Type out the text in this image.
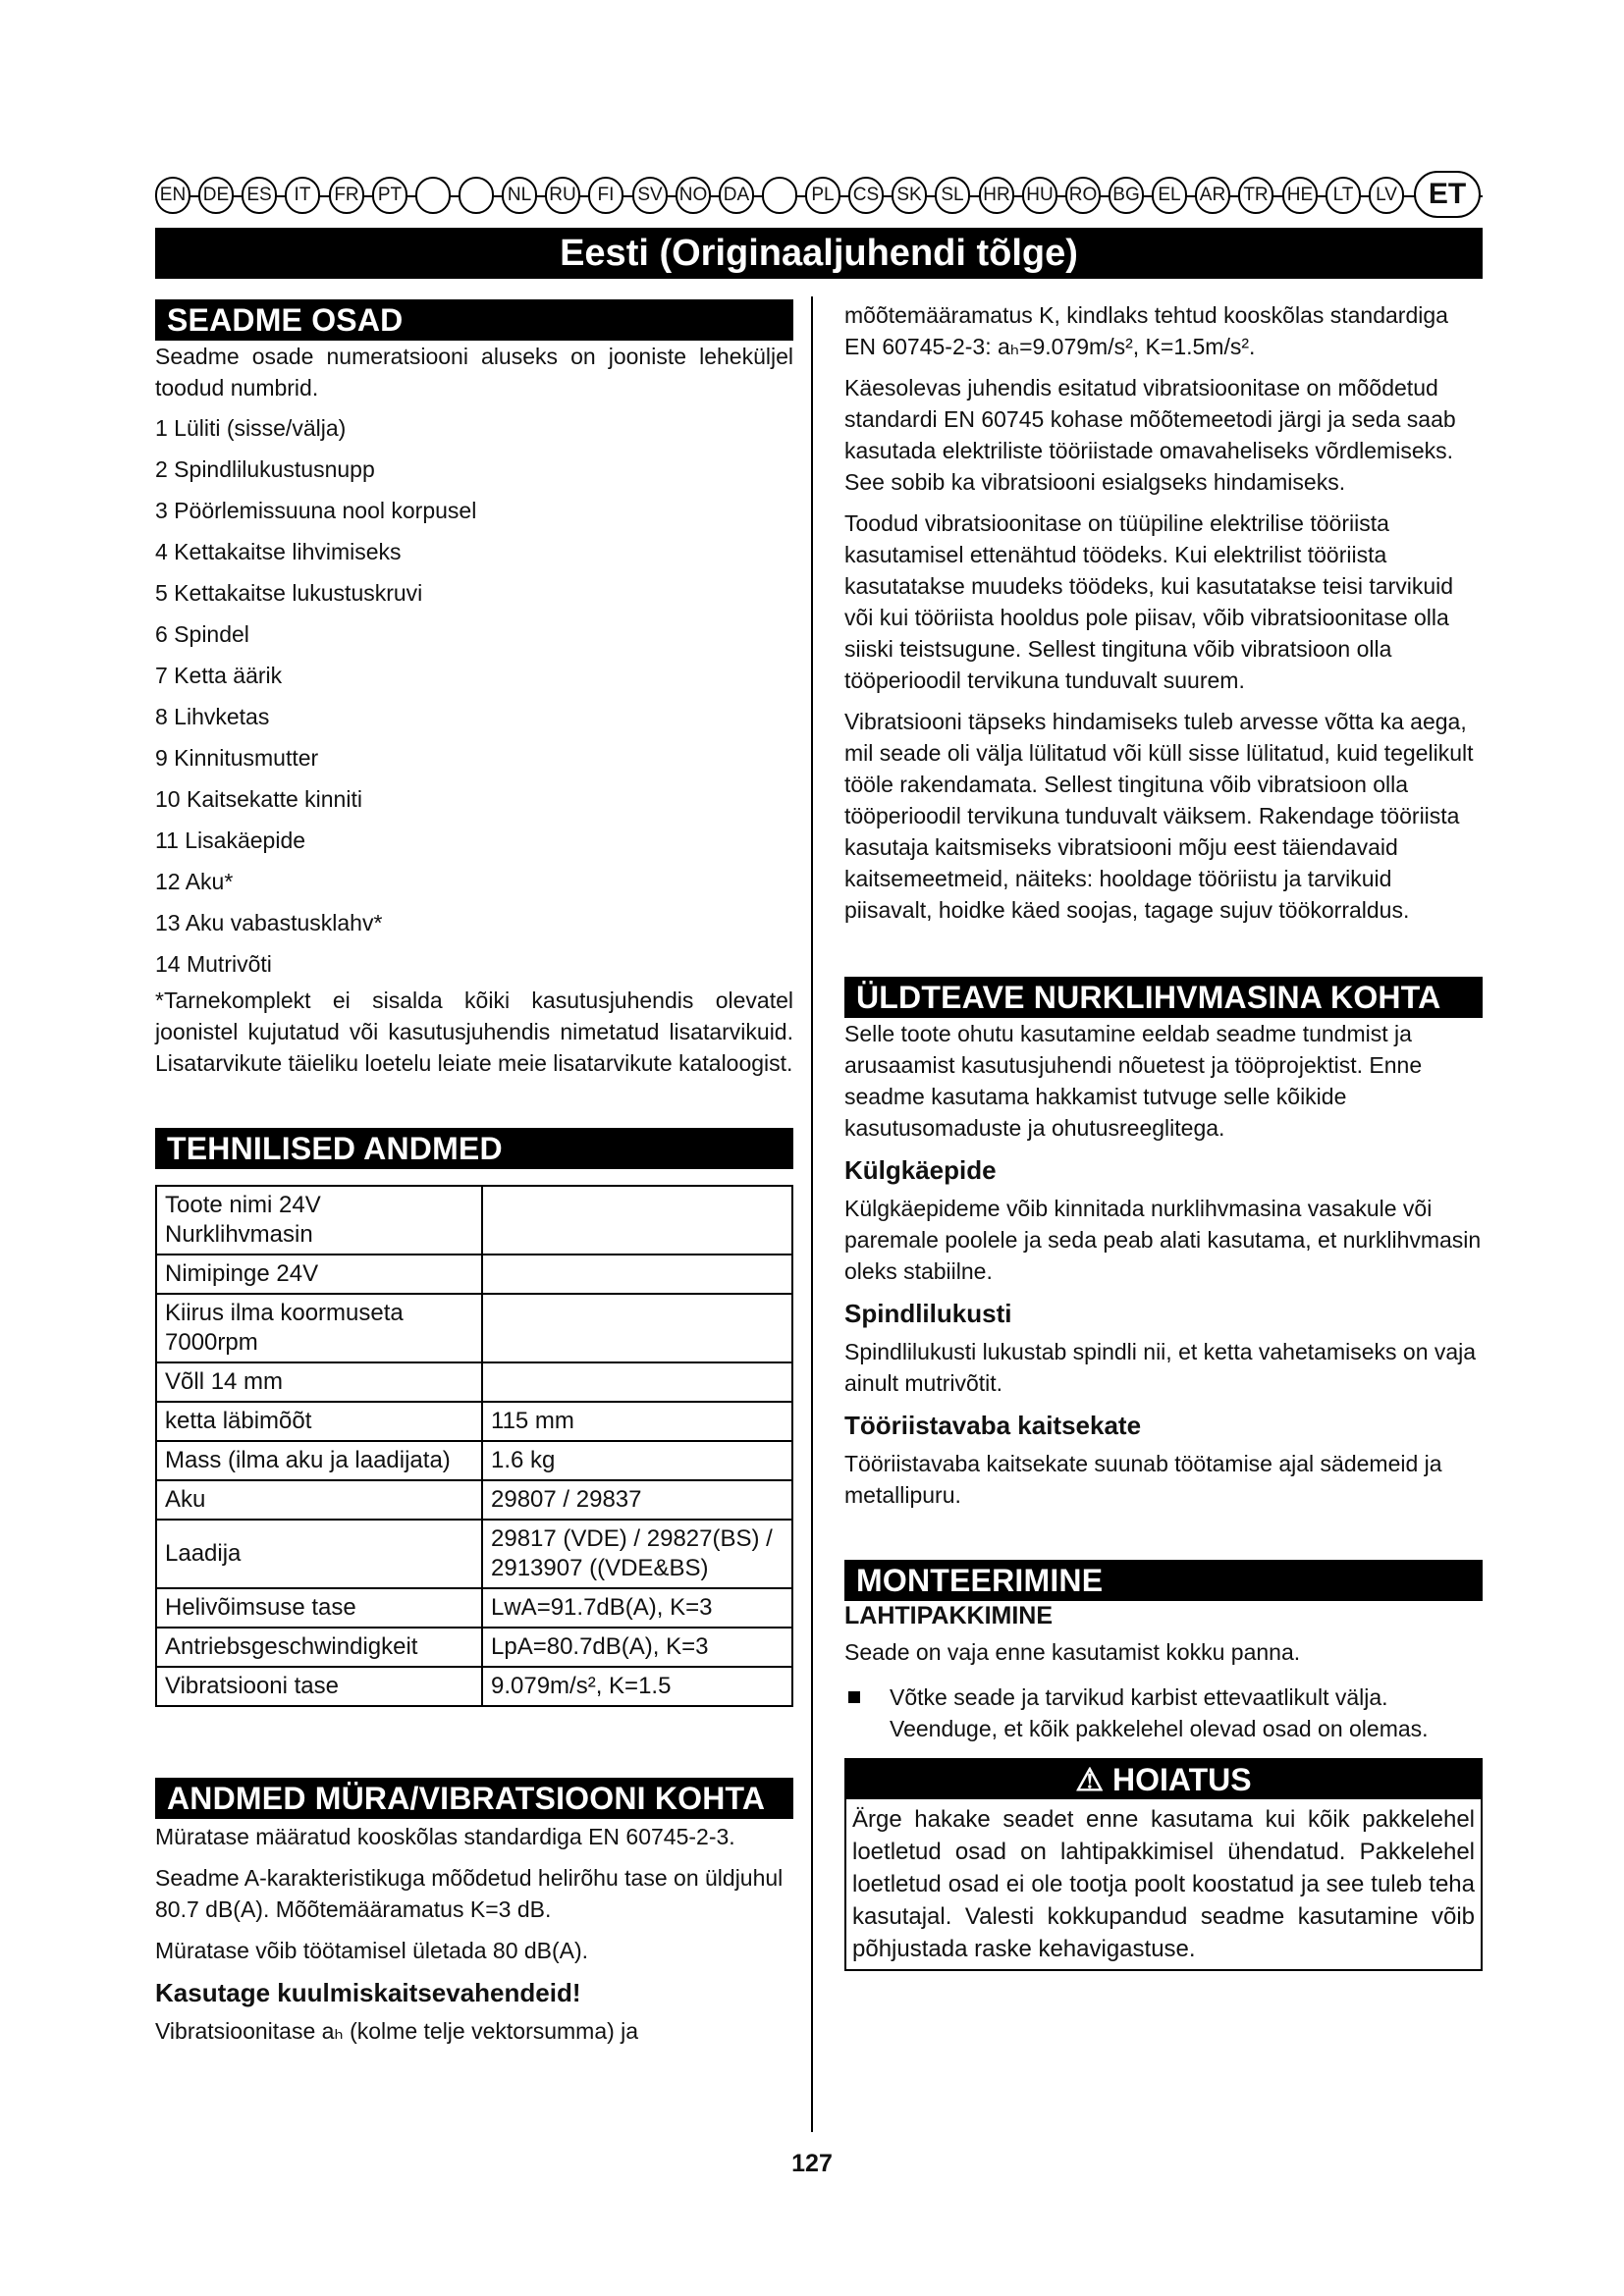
EN DE ES	IT	FR	PT	NL RU	FI	SV NO DA	PL	CS SK	SL	HR HU RO BG EL	AR TR HE	LT	LV	ET
Eesti (Originaaljuhendi tõlge)
SEADME OSAD

Seadme osade numeratsiooni aluseks on jooniste leheküljel toodud numbrid.

1 Lüliti (sisse/välja)
2 Spindlilukustusnupp
3 Pöörlemissuuna nool korpusel
4 Kettakaitse lihvimiseks
5 Kettakaitse lukustuskruvi
6 Spindel
7 Ketta äärik
8 Lihvketas
9 Kinnitusmutter
10 Kaitsekatte kinniti
11 Lisakäepide
12 Aku*
13 Aku vabastusklahv*
14 Mutrivõti

*Tarnekomplekt ei sisalda kõiki kasutusjuhendis olevatel joonistel kujutatud või kasutusjuhendis nimetatud lisatarvikuid. Lisatarvikute täieliku loetelu leiate meie lisatarvikute kataloogist.

TEHNILISED ANDMED
Toote nimi 24V Nurklihvmasin	
Nimipinge 24V	
Kiirus ilma koormuseta 7000rpm	
Võll 14 mm	
ketta läbimõõt	115 mm
Mass (ilma aku ja laadijata)	1.6 kg
Aku	29807 / 29837
Laadija	29817 (VDE) / 29827(BS) / 2913907 ((VDE&BS)
Helivõimsuse tase	LwA=91.7dB(A), K=3
Antriebsgeschwindigkeit	LpA=80.7dB(A), K=3
Vibratsiooni tase	9.079m/s², K=1.5
ANDMED MÜRA/VIBRATSIOONI KOHTA

Müratase määratud kooskõlas standardiga EN 60745-2-3.

Seadme A-karakteristikuga mõõdetud helirõhu tase on üldjuhul 80.7 dB(A). Mõõtemääramatus K=3 dB.

Müratase võib töötamisel ületada 80 dB(A).

Kasutage kuulmiskaitsevahendeid!

Vibratsioonitase aₕ (kolme telje vektorsumma) ja

mõõtemääramatus K, kindlaks tehtud kooskõlas standardiga EN 60745-2-3: aₕ=9.079m/s², K=1.5m/s².

Käesolevas juhendis esitatud vibratsioonitase on mõõdetud standardi EN 60745 kohase mõõtemeetodi järgi ja seda saab kasutada elektriliste tööriistade omavaheliseks võrdlemiseks. See sobib ka vibratsiooni esialgseks hindamiseks.

Toodud vibratsioonitase on tüüpiline elektrilise tööriista kasutamisel ettenähtud töödeks. Kui elektrilist tööriista kasutatakse muudeks töödeks, kui kasutatakse teisi tarvikuid või kui tööriista hooldus pole piisav, võib vibratsioonitase olla siiski teistsugune. Sellest tingituna võib vibratsioon olla tööperioodil tervikuna tunduvalt suurem.

Vibratsiooni täpseks hindamiseks tuleb arvesse võtta ka aega, mil seade oli välja lülitatud või küll sisse lülitatud, kuid tegelikult tööle rakendamata. Sellest tingituna võib vibratsioon olla tööperioodil tervikuna tunduvalt väiksem. Rakendage tööriista kasutaja kaitsmiseks vibratsiooni mõju eest täiendavaid kaitsemeetmeid, näiteks: hooldage tööriistu ja tarvikuid piisavalt, hoidke käed soojas, tagage sujuv töökorraldus.

ÜLDTEAVE NURKLIHVMASINA KOHTA

Selle toote ohutu kasutamine eeldab seadme tundmist ja arusaamist kasutusjuhendi nõuetest ja tööprojektist. Enne seadme kasutama hakkamist tutvuge selle kõikide kasutusomaduste ja ohutusreeglitega.

Külgkäepide

Külgkäepideme võib kinnitada nurklihvmasina vasakule või paremale poolele ja seda peab alati kasutama, et nurklihvmasin oleks stabiilne.

Spindlilukusti

Spindlilukusti lukustab spindli nii, et ketta vahetamiseks on vaja ainult mutrivõtit.

Tööriistavaba kaitsekate

Tööriistavaba kaitsekate suunab töötamise ajal sädemeid ja metallipuru.

MONTEERIMINE
LAHTIPAKKIMINE

Seade on vaja enne kasutamist kokku panna.

Võtke seade ja tarvikud karbist ettevaatlikult välja. Veenduge, et kõik pakkelehel olevad osad on olemas.
⚠ HOIATUS
Ärge hakake seadet enne kasutama kui kõik pakkelehel loetletud osad on lahtipakkimisel ühendatud. Pakkelehel loetletud osad ei ole tootja poolt koostatud ja see tuleb teha kasutajal. Valesti kokkupandud seadme kasutamine võib põhjustada raske kehavigastuse.
127
